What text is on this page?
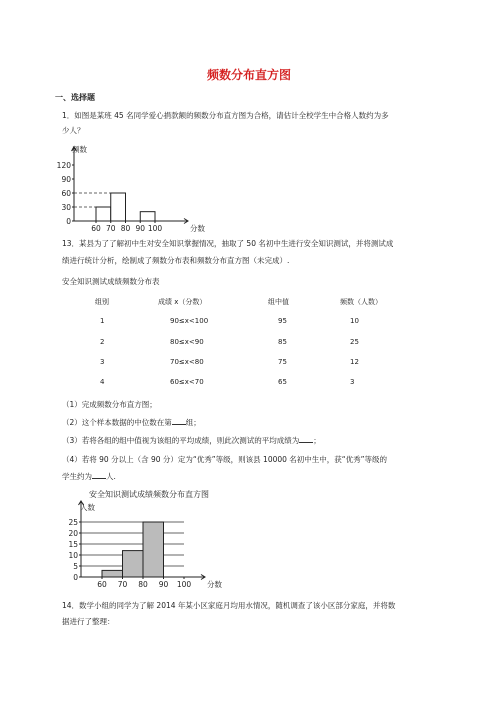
频数分布直方图
一、选择题
1．如图是某班 45 名同学爱心捐款额的频数分布直方图为合格，请估计全校学生中合格人数约为多
少人？
0
30
60
90
120
60 70 80 90 100	分数
频数
13．某县为了了解初中生对安全知识掌握情况，抽取了 50 名初中生进行安全知识测试，并将测试成
绩进行统计分析，绘制成了频数分布表和频数分布直方图（未完成）.
安全知识测试成绩频数分布表
组别	成绩 x（分数）	组中值	频数（人数）
1	90≤x<100	95	10
2	80≤x<90	85	25
3	70≤x<80	75	12
4	60≤x<70	65	3
（1）完成频数分布直方图；
（2）这个样本数据的中位数在第 组；
（3）若将各组的组中值视为该组的平均成绩，则此次测试的平均成绩为 ；
（4）若将 90 分以上（含 90 分）定为“优秀”等级，则该县 10000 名初中生中，获“优秀”等级的
学生约为 人.
0
5
10
15
20
25
60 70 80 90 100 分数
人数
安全知识测试成绩频数分布直方图
14．数学小组的同学为了解 2014 年某小区家庭月均用水情况，随机调查了该小区部分家庭，并将数
据进行了整理：
